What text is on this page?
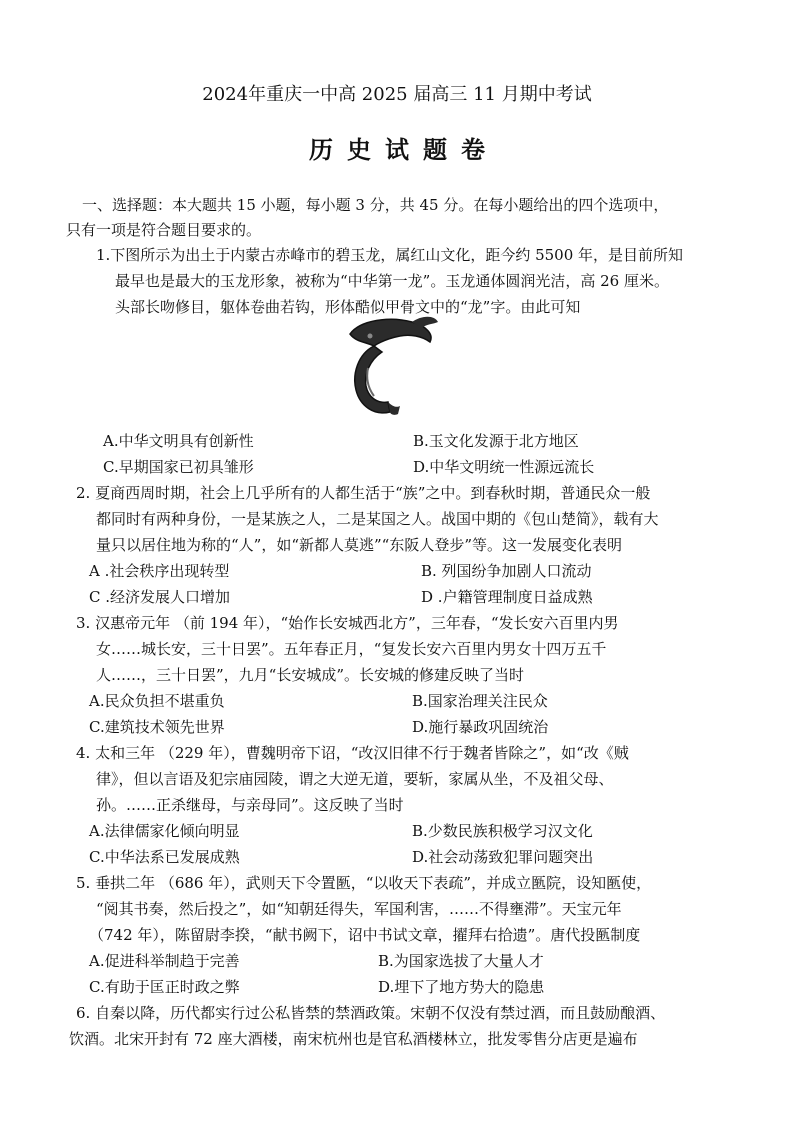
2024年重庆一中高 2025 届高三 11 月期中考试
历史试题卷
一、选择题：本大题共 15 小题，每小题 3 分，共 45 分。在每小题给出的四个选项中，
只有一项是符合题目要求的。
1.下图所示为出土于内蒙古赤峰市的碧玉龙，属红山文化，距今约 5500 年，是目前所知
最早也是最大的玉龙形象，被称为“中华第一龙”。玉龙通体圆润光洁，高 26 厘米。
头部长吻修目，躯体卷曲若钩，形体酷似甲骨文中的“龙”字。由此可知
A.中华文明具有创新性	B.玉文化发源于北方地区
C.早期国家已初具雏形	D.中华文明统一性源远流长
2. 夏商西周时期，社会上几乎所有的人都生活于“族”之中。到春秋时期，普通民众一般
都同时有两种身份，一是某族之人，二是某国之人。战国中期的《包山楚简》，载有大
量只以居住地为称的“人”，如“新都人莫逃”“东阪人登步”等。这一发展变化表明
A .社会秩序出现转型	B. 列国纷争加剧人口流动
C .经济发展人口增加	D .户籍管理制度日益成熟
3. 汉惠帝元年 （前 194 年），“始作长安城西北方”，三年春，“发长安六百里内男
女……城长安，三十日罢”。五年春正月，“复发长安六百里内男女十四万五千
人……，三十日罢”，九月“长安城成”。长安城的修建反映了当时
A.民众负担不堪重负	B.国家治理关注民众
C.建筑技术领先世界	D.施行暴政巩固统治
4. 太和三年 （229 年），曹魏明帝下诏，“改汉旧律不行于魏者皆除之”，如“改《贼
律》，但以言语及犯宗庙园陵，谓之大逆无道，要斩，家属从坐，不及祖父母、
孙。……正杀继母，与亲母同”。这反映了当时
A.法律儒家化倾向明显	B.少数民族积极学习汉文化
C.中华法系已发展成熟	D.社会动荡致犯罪问题突出
5. 垂拱二年 （686 年），武则天下令置匦，“以收天下表疏”，并成立匦院，设知匦使，
“阅其书奏，然后投之”，如“知朝廷得失，军国利害，……不得壅滞”。天宝元年
（742 年），陈留尉李揆，“献书阙下，诏中书试文章，擢拜右拾遗”。唐代投匦制度
A.促进科举制趋于完善	B.为国家选拔了大量人才
C.有助于匡正时政之弊	D.埋下了地方势大的隐患
6. 自秦以降，历代都实行过公私皆禁的禁酒政策。宋朝不仅没有禁过酒，而且鼓励酿酒、
饮酒。北宋开封有 72 座大酒楼，南宋杭州也是官私酒楼林立，批发零售分店更是遍布
